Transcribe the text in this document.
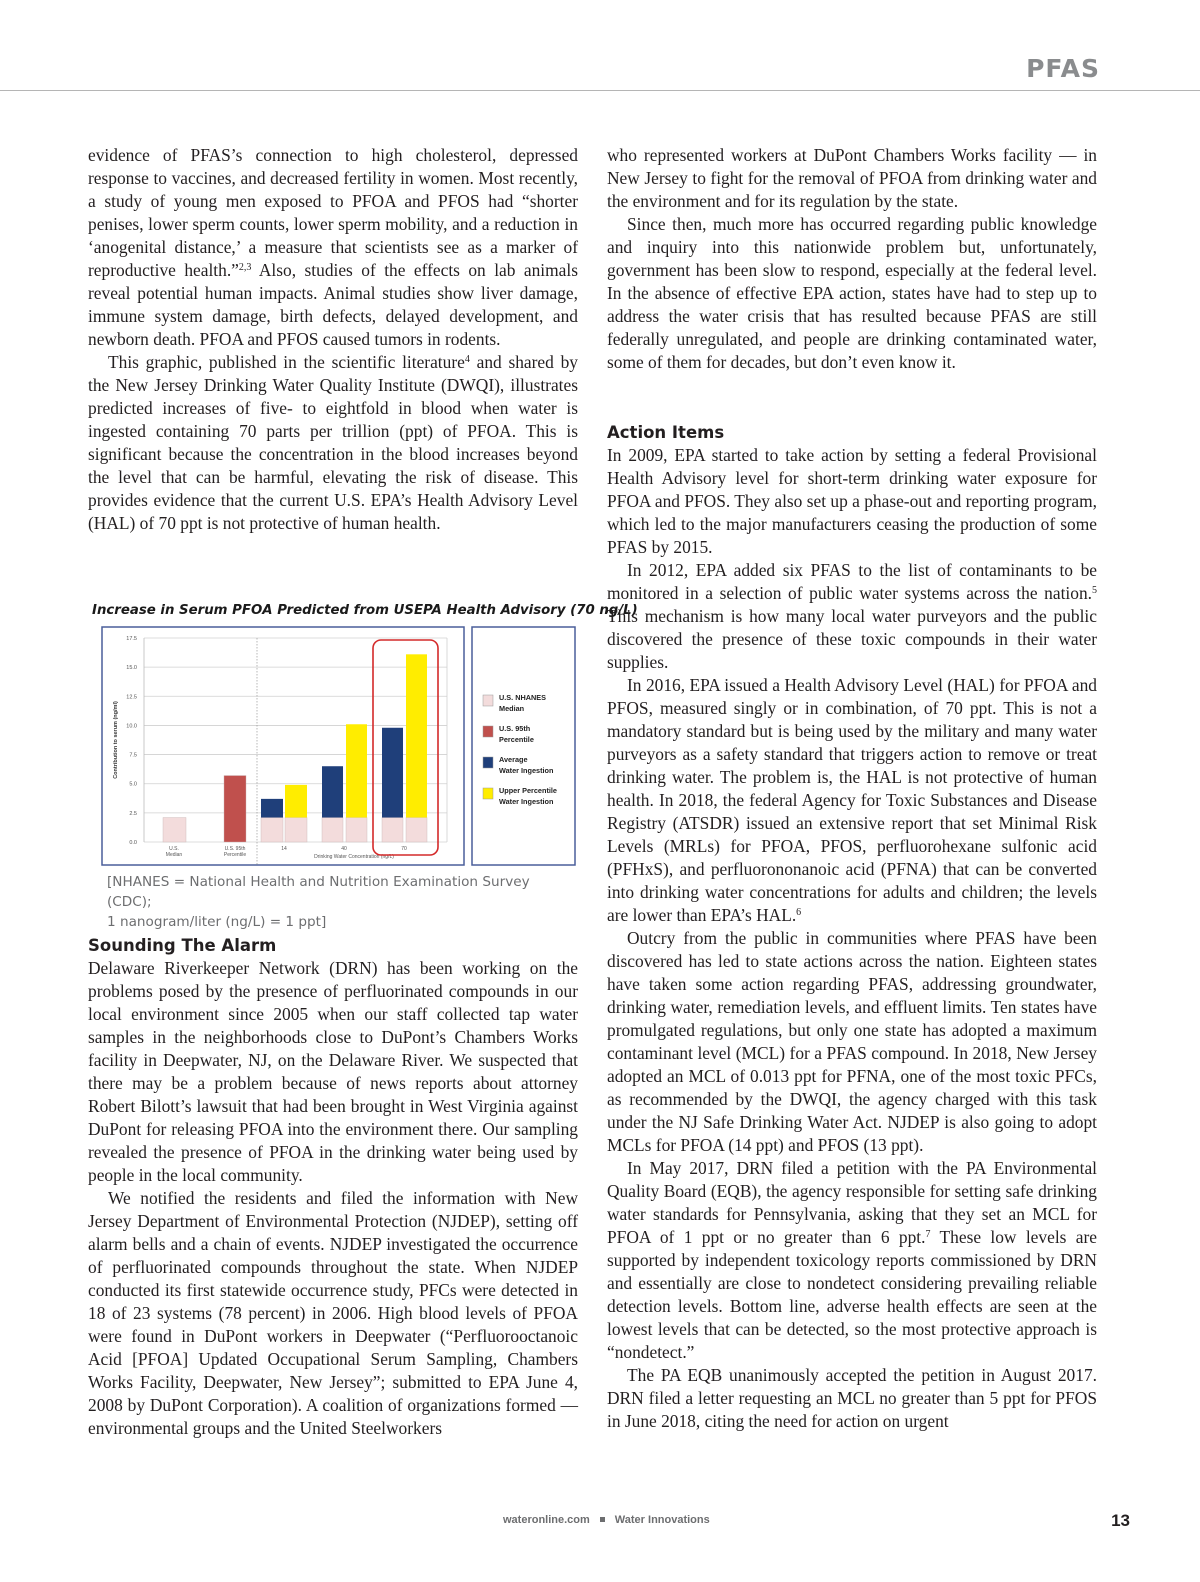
PFAS

evidence of PFAS’s connection to high cholesterol, depressed response to vaccines, and decreased fertility in women. Most recently, a study of young men exposed to PFOA and PFOS had “shorter penises, lower sperm counts, lower sperm mobility, and a reduction in ‘anogenital distance,’ a measure that scientists see as a marker of reproductive health.”$^{2,3}$ Also, studies of the effects on lab animals reveal potential human impacts. Animal studies show liver damage, immune system damage, birth defects, delayed development, and newborn death. PFOA and PFOS caused tumors in rodents.

This graphic, published in the scientific literature$^4$ and shared by the New Jersey Drinking Water Quality Institute (DWQI), illustrates predicted increases of five- to eightfold in blood when water is ingested containing 70 parts per trillion (ppt) of PFOA. This is significant because the concentration in the blood increases beyond the level that can be harmful, elevating the risk of disease. This provides evidence that the current U.S. EPA’s Health Advisory Level (HAL) of 70 ppt is not protective of human health.

Increase in Serum PFOA Predicted from USEPA Health Advisory (70 ng/L)
0.0
2.5
5.0
7.5
10.0
12.5
15.0
17.5
Contribution to serum (ng/ml)
U.S.
Median
U.S. 95th
Percentile
14	40	70
Drinking Water Concentration (ng/L)
U.S. NHANES
Median
U.S. 95th
Percentile
Average
Water Ingestion
Upper Percentile
Water Ingestion
[NHANES = National Health and Nutrition Examination Survey (CDC);
1 nanogram/liter (ng/L) = 1 ppt]
Sounding The Alarm

Delaware Riverkeeper Network (DRN) has been working on the problems posed by the presence of perfluorinated compounds in our local environment since 2005 when our staff collected tap water samples in the neighborhoods close to DuPont’s Chambers Works facility in Deepwater, NJ, on the Delaware River. We suspected that there may be a problem because of news reports about attorney Robert Bilott’s lawsuit that had been brought in West Virginia against DuPont for releasing PFOA into the environment there. Our sampling revealed the presence of PFOA in the drinking water being used by people in the local community.

We notified the residents and filed the information with New Jersey Department of Environmental Protection (NJDEP), setting off alarm bells and a chain of events. NJDEP investigated the occurrence of perfluorinated compounds throughout the state. When NJDEP conducted its first statewide occurrence study, PFCs were detected in 18 of 23 systems (78 percent) in 2006. High blood levels of PFOA were found in DuPont workers in Deepwater (“Perfluorooctanoic Acid [PFOA] Updated Occupational Serum Sampling, Chambers Works Facility, Deepwater, New Jersey”; submitted to EPA June 4, 2008 by DuPont Corporation). A coalition of organizations formed — environmental groups and the United Steelworkers

who represented workers at DuPont Chambers Works facility — in New Jersey to fight for the removal of PFOA from drinking water and the environment and for its regulation by the state.

Since then, much more has occurred regarding public knowledge and inquiry into this nationwide problem but, unfortunately, government has been slow to respond, especially at the federal level. In the absence of effective EPA action, states have had to step up to address the water crisis that has resulted because PFAS are still federally unregulated, and people are drinking contaminated water, some of them for decades, but don’t even know it.

Action Items

In 2009, EPA started to take action by setting a federal Provisional Health Advisory level for short-term drinking water exposure for PFOA and PFOS. They also set up a phase-out and reporting program, which led to the major manufacturers ceasing the production of some PFAS by 2015.

In 2012, EPA added six PFAS to the list of contaminants to be monitored in a selection of public water systems across the nation.$^5$ This mechanism is how many local water purveyors and the public discovered the presence of these toxic compounds in their water supplies.

In 2016, EPA issued a Health Advisory Level (HAL) for PFOA and PFOS, measured singly or in combination, of 70 ppt. This is not a mandatory standard but is being used by the military and many water purveyors as a safety standard that triggers action to remove or treat drinking water. The problem is, the HAL is not protective of human health. In 2018, the federal Agency for Toxic Substances and Disease Registry (ATSDR) issued an extensive report that set Minimal Risk Levels (MRLs) for PFOA, PFOS, perfluorohexane sulfonic acid (PFHxS), and perfluorononanoic acid (PFNA) that can be converted into drinking water concentrations for adults and children; the levels are lower than EPA’s HAL.$^6$

Outcry from the public in communities where PFAS have been discovered has led to state actions across the nation. Eighteen states have taken some action regarding PFAS, addressing groundwater, drinking water, remediation levels, and effluent limits. Ten states have promulgated regulations, but only one state has adopted a maximum contaminant level (MCL) for a PFAS compound. In 2018, New Jersey adopted an MCL of 0.013 ppt for PFNA, one of the most toxic PFCs, as recommended by the DWQI, the agency charged with this task under the NJ Safe Drinking Water Act. NJDEP is also going to adopt MCLs for PFOA (14 ppt) and PFOS (13 ppt).

In May 2017, DRN filed a petition with the PA Environmental Quality Board (EQB), the agency responsible for setting safe drinking water standards for Pennsylvania, asking that they set an MCL for PFOA of 1 ppt or no greater than 6 ppt.$^7$ These low levels are supported by independent toxicology reports commissioned by DRN and essentially are close to nondetect considering prevailing reliable detection levels. Bottom line, adverse health effects are seen at the lowest levels that can be detected, so the most protective approach is “nondetect.”

The PA EQB unanimously accepted the petition in August 2017. DRN filed a letter requesting an MCL no greater than 5 ppt for PFOS in June 2018, citing the need for action on urgent

wateronline.com Water Innovations	13
